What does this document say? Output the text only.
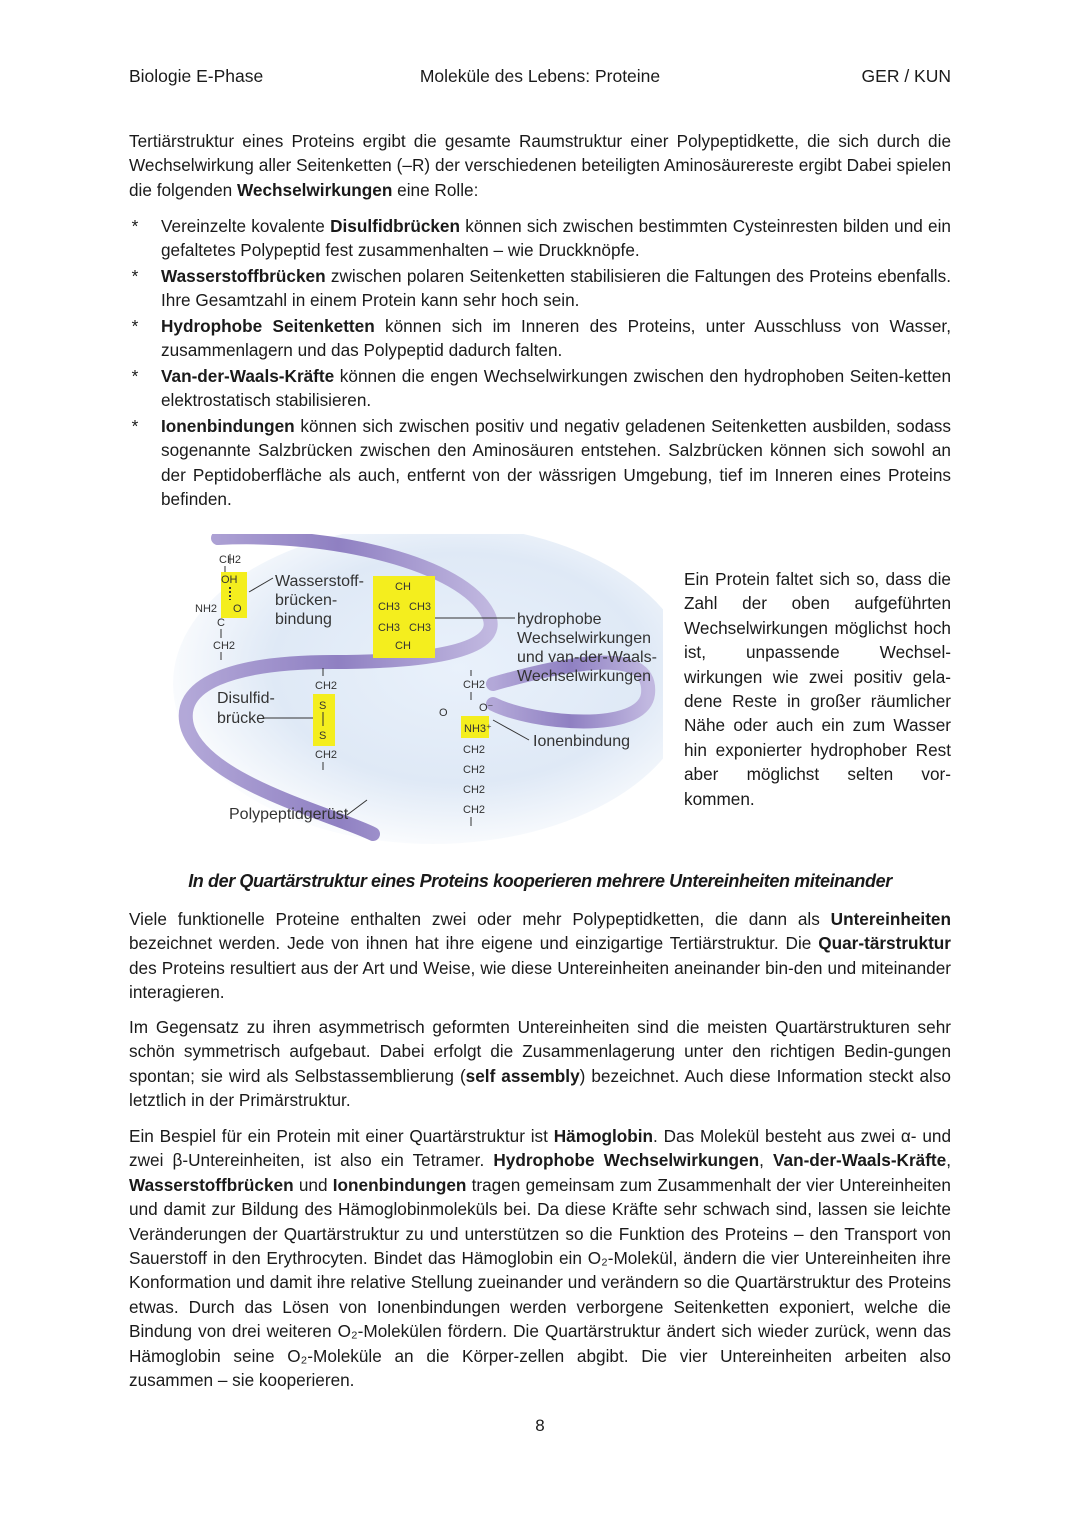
Biologie E-Phase	Moleküle des Lebens: Proteine	GER / KUN

Tertiärstruktur eines Proteins ergibt die gesamte Raumstruktur einer Polypeptidkette, die sich durch die Wechselwirkung aller Seitenketten (–R) der verschiedenen beteiligten Aminosäurereste ergibt Dabei spielen die folgenden Wechselwirkungen eine Rolle:

*	Vereinzelte kovalente Disulfidbrücken können sich zwischen bestimmten Cysteinresten bilden und ein gefaltetes Polypeptid fest zusammenhalten – wie Druckknöpfe.
*	Wasserstoffbrücken zwischen polaren Seitenketten stabilisieren die Faltungen des Proteins ebenfalls. Ihre Gesamtzahl in einem Protein kann sehr hoch sein.
*	Hydrophobe Seitenketten können sich im Inneren des Proteins, unter Ausschluss von Wasser, zusammenlagern und das Polypeptid dadurch falten.
*	Van-der-Waals-Kräfte können die engen Wechselwirkungen zwischen den hydrophoben Seiten-ketten elektrostatisch stabilisieren.
*	Ionenbindungen können sich zwischen positiv und negativ geladenen Seitenketten ausbilden, sodass sogenannte Salzbrücken zwischen den Aminosäuren entstehen. Salzbrücken können sich sowohl an der Peptidoberfläche als auch, entfernt von der wässrigen Umgebung, tief im Inneren eines Proteins befinden.
CH2
OH
O
NH2
C
CH2
Wasserstoff-
brücken-
bindung
CH
CH3 CH3
CH3 CH3
CH
hydrophobe
Wechselwirkungen
und van-der-Waals-
Wechselwirkungen
CH2
S
S
CH2
Disulfid-
brücke
CH2
O	O⁻
NH3⁺
CH2
CH2
CH2
CH2
Ionenbindung
Polypeptidgerüst

Ein Protein faltet sich so, dass die Zahl der oben aufgeführten Wechselwirkungen möglichst hoch ist, unpassende Wechsel-wirkungen wie zwei positiv gela-dene Reste in großer räumlicher Nähe oder auch ein zum Wasser hin exponierter hydrophober Rest aber möglichst selten vor-kommen.

In der Quartärstruktur eines Proteins kooperieren mehrere Untereinheiten miteinander

Viele funktionelle Proteine enthalten zwei oder mehr Polypeptidketten, die dann als Untereinheiten bezeichnet werden. Jede von ihnen hat ihre eigene und einzigartige Tertiärstruktur. Die Quar-tärstruktur des Proteins resultiert aus der Art und Weise, wie diese Untereinheiten aneinander bin-den und miteinander interagieren.

Im Gegensatz zu ihren asymmetrisch geformten Untereinheiten sind die meisten Quartärstrukturen sehr schön symmetrisch aufgebaut. Dabei erfolgt die Zusammenlagerung unter den richtigen Bedin-gungen spontan; sie wird als Selbstassemblierung (self assembly) bezeichnet. Auch diese Information steckt also letztlich in der Primärstruktur.

Ein Bespiel für ein Protein mit einer Quartärstruktur ist Hämoglobin. Das Molekül besteht aus zwei α- und zwei β-Untereinheiten, ist also ein Tetramer. Hydrophobe Wechselwirkungen, Van-der-Waals-Kräfte, Wasserstoffbrücken und Ionenbindungen tragen gemeinsam zum Zusammenhalt der vier Untereinheiten und damit zur Bildung des Hämoglobinmoleküls bei. Da diese Kräfte sehr schwach sind, lassen sie leichte Veränderungen der Quartärstruktur zu und unterstützen so die Funktion des Proteins – den Transport von Sauerstoff in den Erythrocyten. Bindet das Hämoglobin ein O₂-Molekül, ändern die vier Untereinheiten ihre Konformation und damit ihre relative Stellung zueinander und verändern so die Quartärstruktur des Proteins etwas. Durch das Lösen von Ionenbindungen werden verborgene Seitenketten exponiert, welche die Bindung von drei weiteren O₂-Molekülen fördern. Die Quartärstruktur ändert sich wieder zurück, wenn das Hämoglobin seine O₂-Moleküle an die Körper-zellen abgibt. Die vier Untereinheiten arbeiten also zusammen – sie kooperieren.

8
